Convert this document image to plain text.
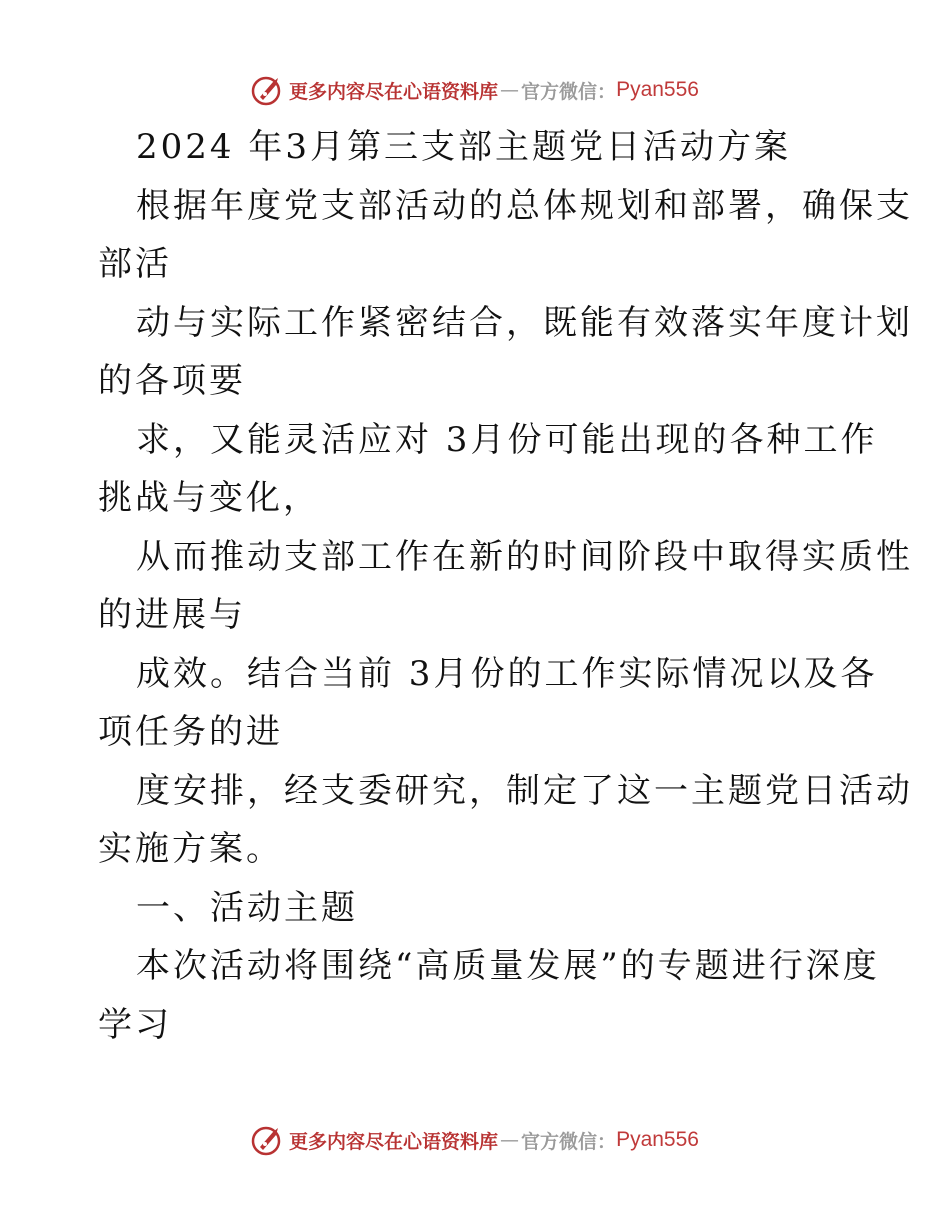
更多内容尽在心语资料库 — 官方微信： Pyan556
2024 年3月第三支部主题党日活动方案
根据年度党支部活动的总体规划和部署，确保支
部活
动与实际工作紧密结合，既能有效落实年度计划
的各项要
求，又能灵活应对 3月份可能出现的各种工作
挑战与变化，
从而推动支部工作在新的时间阶段中取得实质性
的进展与
成效。结合当前 3月份的工作实际情况以及各
项任务的进
度安排，经支委研究，制定了这一主题党日活动
实施方案。
一、活动主题
本次活动将围绕“高质量发展”的专题进行深度
学习
更多内容尽在心语资料库 — 官方微信： Pyan556
